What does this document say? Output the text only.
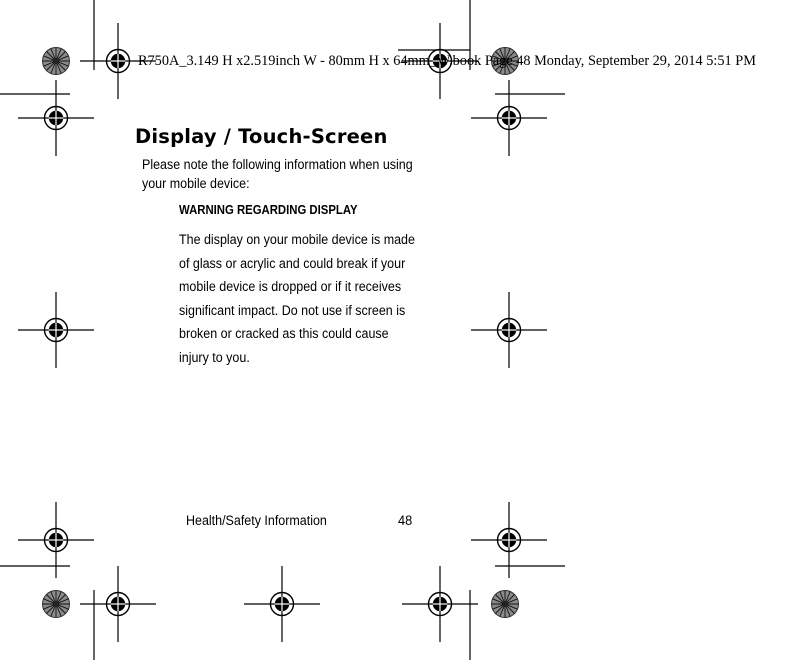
R750A_3.149 H x2.519inch W - 80mm H x 64mm_W.book Page 48 Monday, September 29, 2014 5:51 PM
Display / Touch-Screen
Please note the following information when using your mobile device:
WARNING REGARDING DISPLAY
The display on your mobile device is made of glass or acrylic and could break if your mobile device is dropped or if it receives significant impact. Do not use if screen is broken or cracked as this could cause injury to you.
Health/Safety Information	48
